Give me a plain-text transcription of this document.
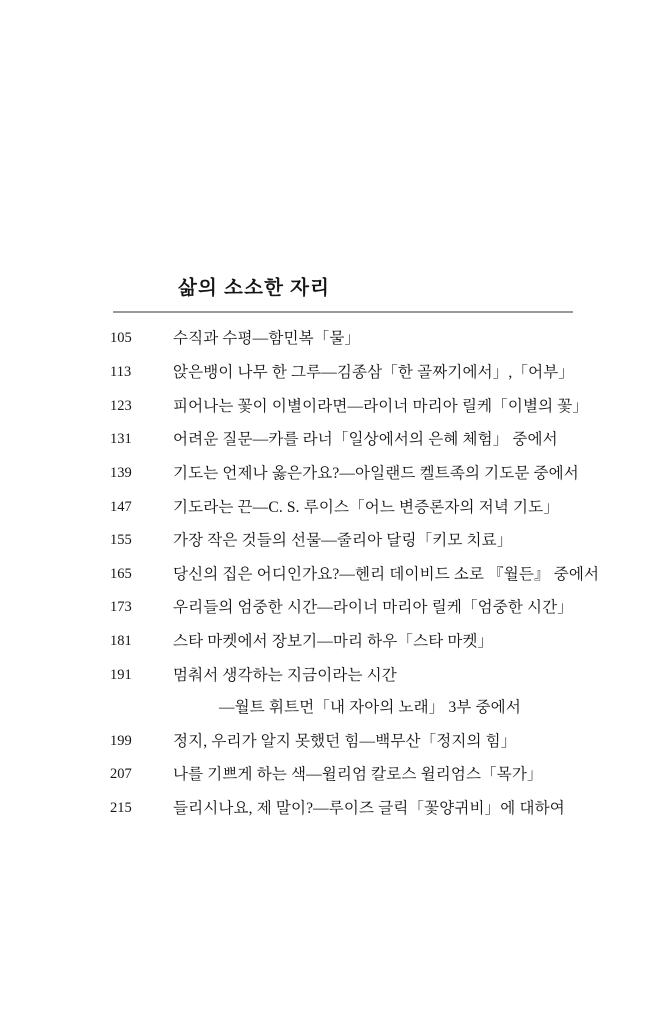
삶의 소소한 자리
105	수직과 수평―함민복「물」
113	앉은뱅이 나무 한 그루―김종삼「한 골짜기에서」,「어부」
123	피어나는 꽃이 이별이라면―라이너 마리아 릴케「이별의 꽃」
131	어려운 질문―카를 라너「일상에서의 은혜 체험」 중에서
139	기도는 언제나 옳은가요?―아일랜드 켈트족의 기도문 중에서
147	기도라는 끈―C. S. 루이스「어느 변증론자의 저녁 기도」
155	가장 작은 것들의 선물―줄리아 달링「키모 치료」
165	당신의 집은 어디인가요?―헨리 데이비드 소로 『월든』 중에서
173	우리들의 엄중한 시간―라이너 마리아 릴케「엄중한 시간」
181	스타 마켓에서 장보기―마리 하우「스타 마켓」
191	멈춰서 생각하는 지금이라는 시간
―월트 휘트먼「내 자아의 노래」 3부 중에서
199	정지, 우리가 알지 못했던 힘―백무산「정지의 힘」
207	나를 기쁘게 하는 색―윌리엄 칼로스 윌리엄스「목가」
215	들리시나요, 제 말이?―루이즈 글릭「꽃양귀비」에 대하여
